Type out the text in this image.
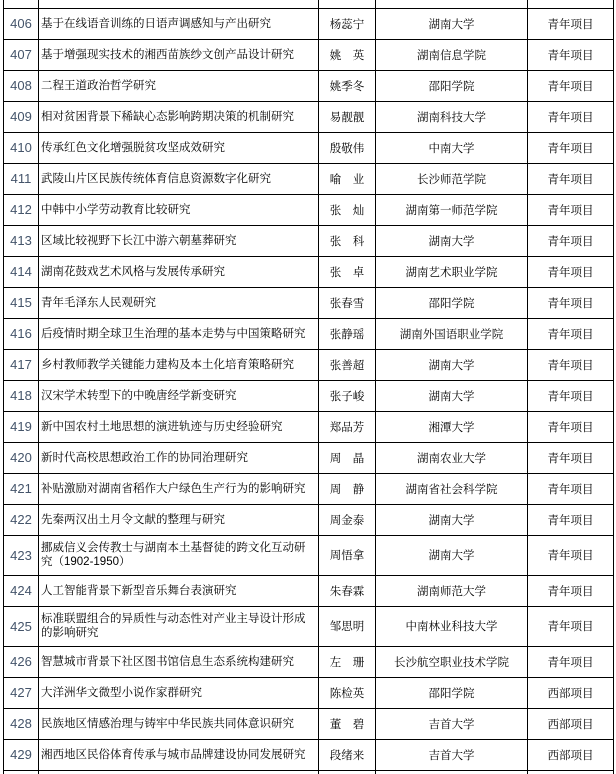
406	基于在线语音训练的日语声调感知与产出研究	杨蕊宁	湖南大学	青年项目
407	基于增强现实技术的湘西苗族纱文创产品设计研究	姚　英	湖南信息学院	青年项目
408	二程王道政治哲学研究	姚季冬	邵阳学院	青年项目
409	相对贫困背景下稀缺心态影响跨期决策的机制研究	易靓靓	湖南科技大学	青年项目
410	传承红色文化增强脱贫攻坚成效研究	殷敬伟	中南大学	青年项目
411	武陵山片区民族传统体育信息资源数字化研究	喻　业	长沙师范学院	青年项目
412	中韩中小学劳动教育比较研究	张　灿	湖南第一师范学院	青年项目
413	区域比较视野下长江中游六朝墓葬研究	张　科	湖南大学	青年项目
414	湖南花鼓戏艺术风格与发展传承研究	张　卓	湖南艺术职业学院	青年项目
415	青年毛泽东人民观研究	张春雪	邵阳学院	青年项目
416	后疫情时期全球卫生治理的基本走势与中国策略研究	张静瑶	湖南外国语职业学院	青年项目
417	乡村教师教学关键能力建构及本土化培育策略研究	张善超	湖南大学	青年项目
418	汉宋学术转型下的中晚唐经学新变研究	张子峻	湖南大学	青年项目
419	新中国农村土地思想的演进轨迹与历史经验研究	郑品芳	湘潭大学	青年项目
420	新时代高校思想政治工作的协同治理研究	周　晶	湖南农业大学	青年项目
421	补贴激励对湖南省稻作大户绿色生产行为的影响研究	周　静	湖南省社会科学院	青年项目
422	先秦两汉出土月令文献的整理与研究	周金泰	湖南大学	青年项目
423	挪威信义会传教士与湖南本土基督徒的跨文化互动研究（1902-1950）	周悟拿	湖南大学	青年项目
424	人工智能背景下新型音乐舞台表演研究	朱春霖	湖南师范大学	青年项目
425	标准联盟组合的异质性与动态性对产业主导设计形成的影响研究	邹思明	中南林业科技大学	青年项目
426	智慧城市背景下社区图书馆信息生态系统构建研究	左　珊	长沙航空职业技术学院	青年项目
427	大洋洲华文微型小说作家群研究	陈检英	邵阳学院	西部项目
428	民族地区情感治理与铸牢中华民族共同体意识研究	董　碧	吉首大学	西部项目
429	湘西地区民俗体育传承与城市品牌建设协同发展研究	段绪来	吉首大学	西部项目
